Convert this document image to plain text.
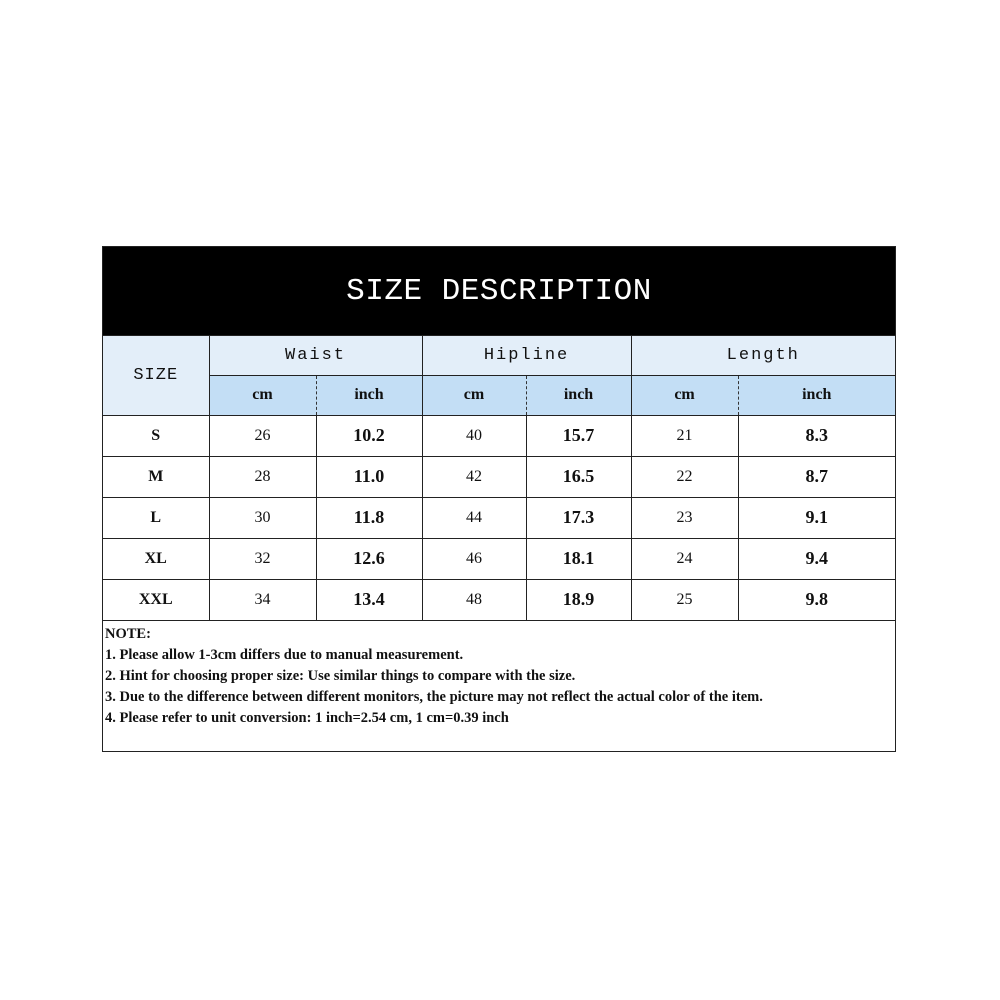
SIZE DESCRIPTION
SIZE	Waist		Hipline		Length	
	cm	inch	cm	inch	cm	inch
S	26	10.2	40	15.7	21	8.3
M	28	11.0	42	16.5	22	8.7
L	30	11.8	44	17.3	23	9.1
XL	32	12.6	46	18.1	24	9.4
XXL	34	13.4	48	18.9	25	9.8
NOTE:
1. Please allow 1-3cm differs due to manual measurement.
2. Hint for choosing proper size: Use similar things to compare with the size.
3. Due to the difference between different monitors, the picture may not reflect the actual color of the item.
4. Please refer to unit conversion: 1 inch=2.54 cm, 1 cm=0.39 inch
